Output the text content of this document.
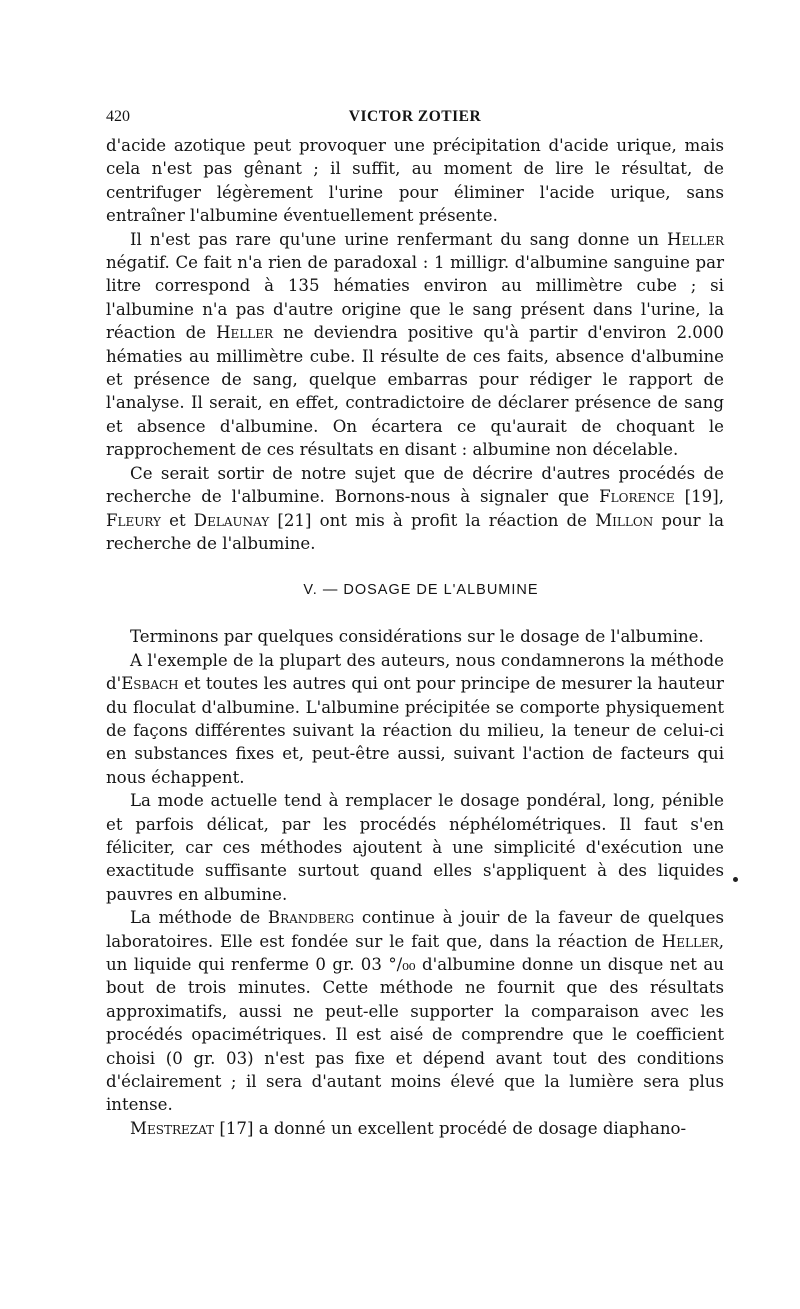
420	VICTOR ZOTIER

d'acide azotique peut provoquer une précipitation d'acide urique, mais cela n'est pas gênant ; il suffit, au moment de lire le résultat, de centrifuger légèrement l'urine pour éliminer l'acide urique, sans entraîner l'albumine éventuellement présente.

Il n'est pas rare qu'une urine renfermant du sang donne un Heller négatif. Ce fait n'a rien de paradoxal : 1 milligr. d'albumine sanguine par litre correspond à 135 hématies environ au millimètre cube ; si l'albumine n'a pas d'autre origine que le sang présent dans l'urine, la réaction de Heller ne deviendra positive qu'à partir d'environ 2.000 hématies au millimètre cube. Il résulte de ces faits, absence d'albumine et présence de sang, quelque embarras pour rédiger le rapport de l'analyse. Il serait, en effet, contradictoire de déclarer présence de sang et absence d'albumine. On écartera ce qu'aurait de choquant le rapprochement de ces résultats en disant : albumine non décelable.

Ce serait sortir de notre sujet que de décrire d'autres procédés de recherche de l'albumine. Bornons-nous à signaler que Florence [19], Fleury et Delaunay [21] ont mis à profit la réaction de Millon pour la recherche de l'albumine.

V. — DOSAGE DE L'ALBUMINE

Terminons par quelques considérations sur le dosage de l'albumine.

A l'exemple de la plupart des auteurs, nous condamnerons la méthode d'Esbach et toutes les autres qui ont pour principe de mesurer la hauteur du floculat d'albumine. L'albumine précipitée se comporte physiquement de façons différentes suivant la réaction du milieu, la teneur de celui-ci en substances fixes et, peut-être aussi, suivant l'action de facteurs qui nous échappent.

La mode actuelle tend à remplacer le dosage pondéral, long, pénible et parfois délicat, par les procédés néphélométriques. Il faut s'en féliciter, car ces méthodes ajoutent à une simplicité d'exécution une exactitude suffisante surtout quand elles s'appliquent à des liquides pauvres en albumine.

La méthode de Brandberg continue à jouir de la faveur de quelques laboratoires. Elle est fondée sur le fait que, dans la réaction de Heller, un liquide qui renferme 0 gr. 03 °/₀₀ d'albumine donne un disque net au bout de trois minutes. Cette méthode ne fournit que des résultats approximatifs, aussi ne peut-elle supporter la comparaison avec les procédés opacimétriques. Il est aisé de comprendre que le coefficient choisi (0 gr. 03) n'est pas fixe et dépend avant tout des conditions d'éclairement ; il sera d'autant moins élevé que la lumière sera plus intense.

Mestrezat [17] a donné un excellent procédé de dosage diaphano-
